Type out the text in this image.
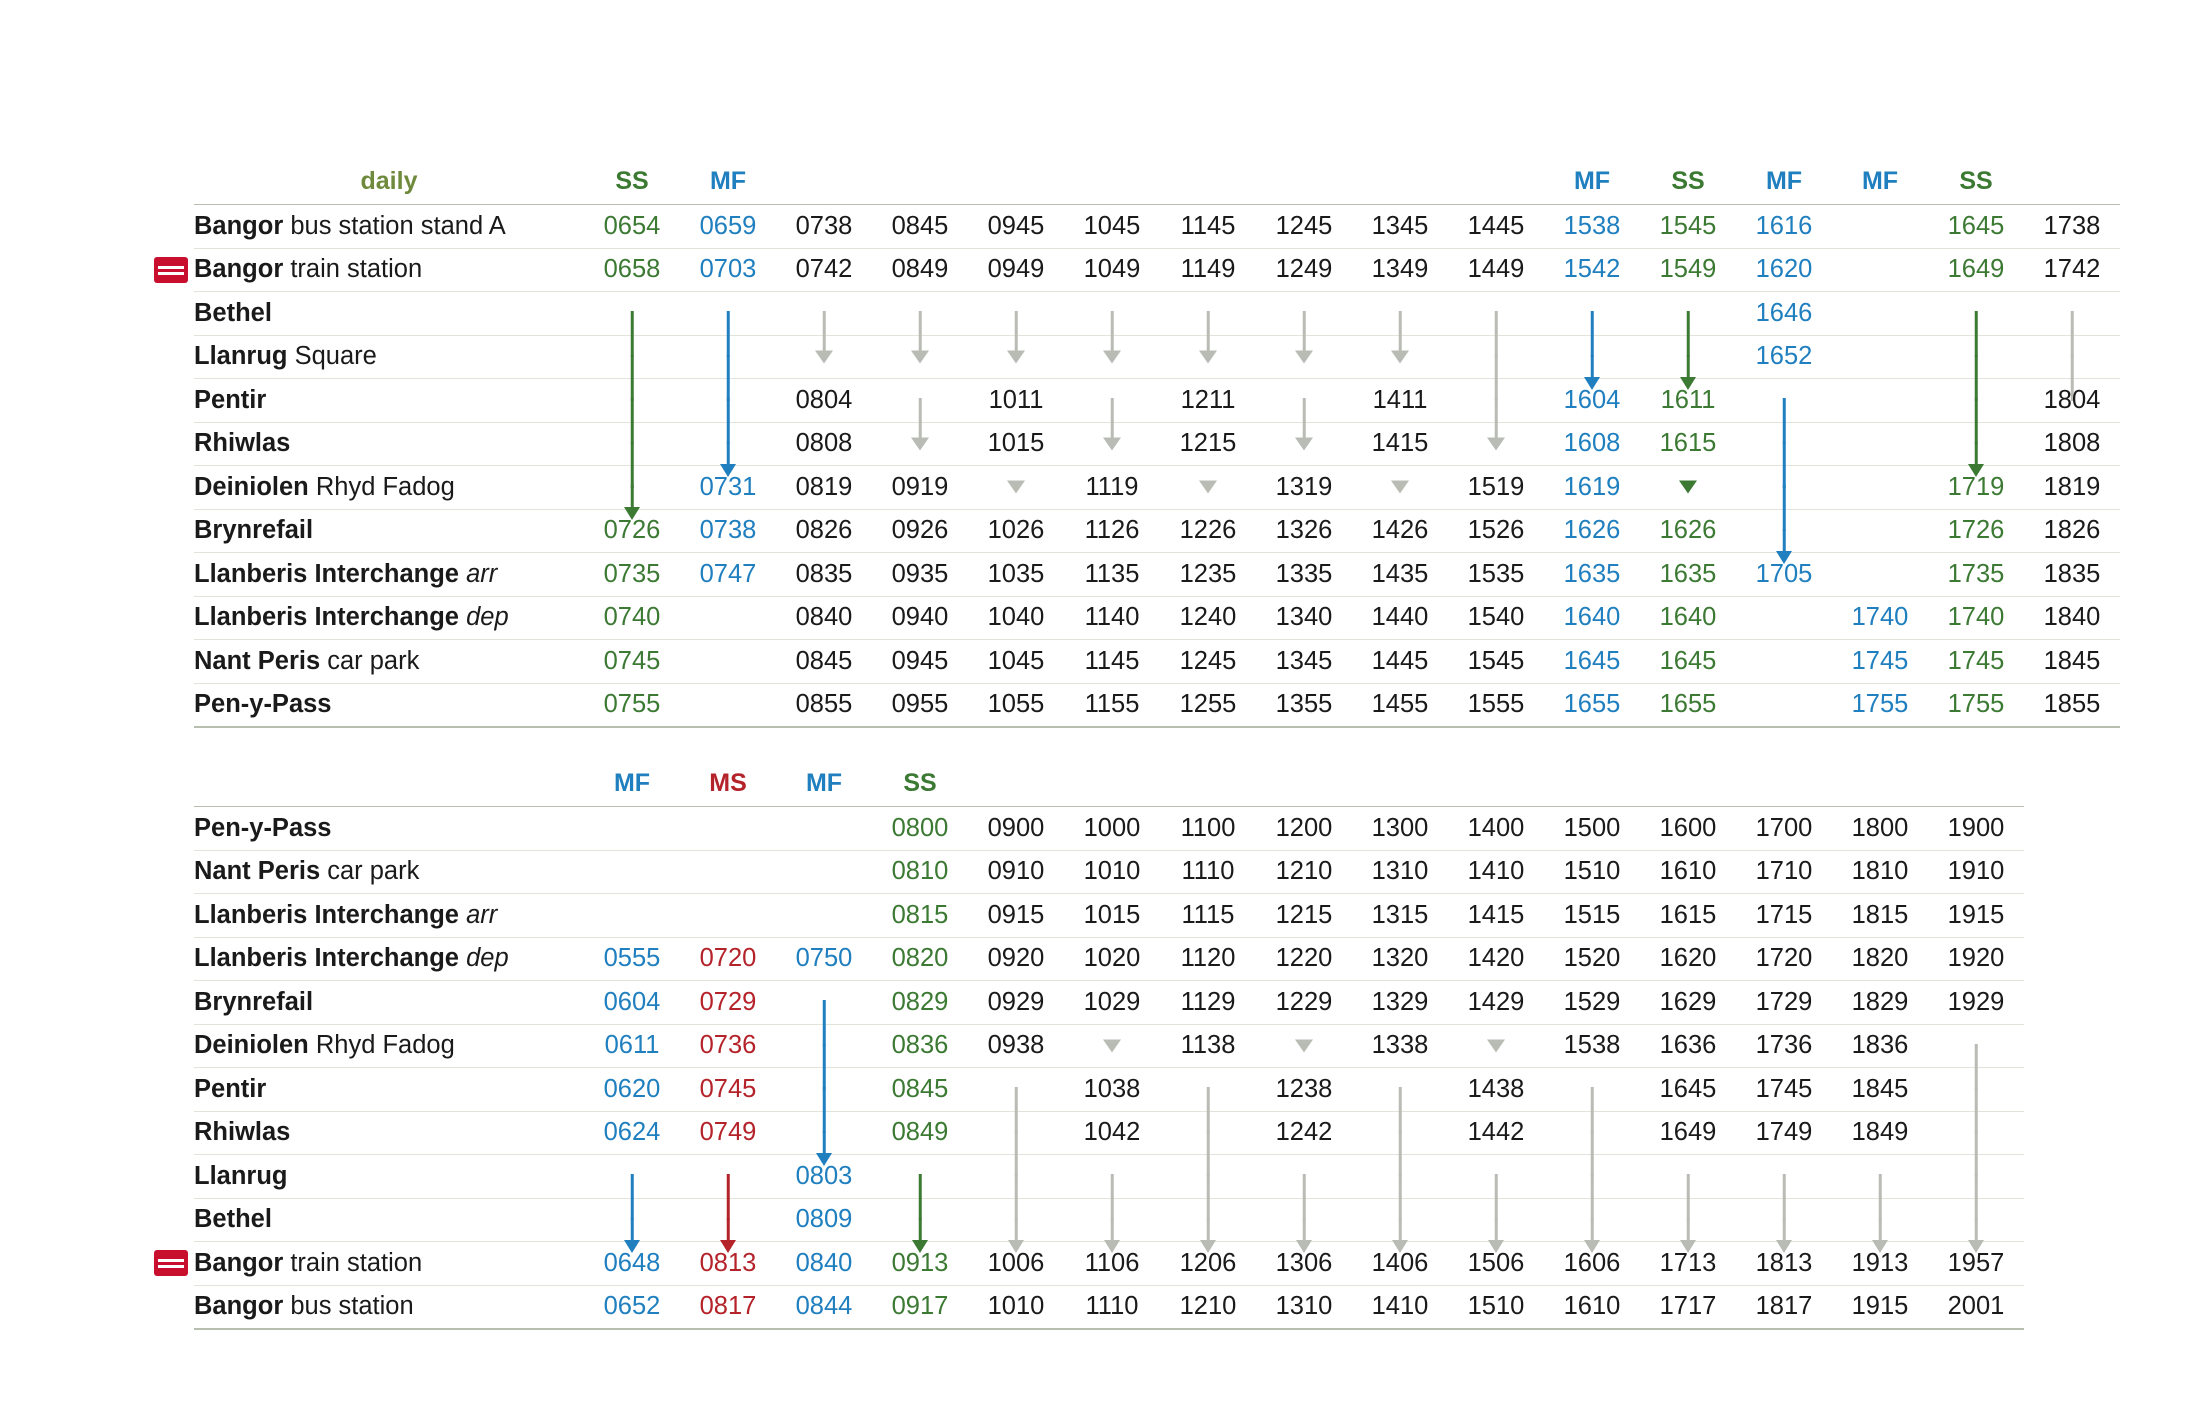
	daily	SS	MF									MF	SS	MF	MF	SS	
	Bangor bus station stand A	0654	0659	0738	0845	0945	1045	1145	1245	1345	1445	1538	1545	1616		1645	1738

	Bangor train station	0658	0703	0742	0849	0949	1049	1149	1249	1349	1449	1542	1549	1620		1649	1742
	Bethel													1646		

	Llanrug Square													1652		

	Pentir			0804		1011		1211		1411		1604	1611				1804
	Rhiwlas			0808		1015		1215		1415		1608	1615				1808
	Deiniolen Rhyd Fadog		0731	0819	0919		1119		1319		1519	1619				1719	1819
	Brynrefail	0726	0738	0826	0926	1026	1126	1226	1326	1426	1526	1626	1626			1726	1826
	Llanberis Interchange arr	0735	0747	0835	0935	1035	1135	1235	1335	1435	1535	1635	1635	1705		1735	1835
	Llanberis Interchange dep	0740		0840	0940	1040	1140	1240	1340	1440	1540	1640	1640		1740	1740	1840
	Nant Peris car park	0745		0845	0945	1045	1145	1245	1345	1445	1545	1645	1645		1745	1745	1845
	Pen-y-Pass	0755		0855	0955	1055	1155	1255	1355	1455	1555	1655	1655		1755	1755	1855
		MF	MS	MF	SS											
	Pen-y-Pass				0800	0900	1000	1100	1200	1300	1400	1500	1600	1700	1800	1900
	Nant Peris car park				0810	0910	1010	1110	1210	1310	1410	1510	1610	1710	1810	1910
	Llanberis Interchange arr				0815	0915	1015	1115	1215	1315	1415	1515	1615	1715	1815	1915
	Llanberis Interchange dep	0555	0720	0750	0820	0920	1020	1120	1220	1320	1420	1520	1620	1720	1820	1920
	Brynrefail	0604	0729		0829	0929	1029	1129	1229	1329	1429	1529	1629	1729	1829	1929
	Deiniolen Rhyd Fadog	0611	0736		0836	0938		1138		1338		1538	1636	1736	1836	

	Pentir	0620	0745		0845		1038		1238		1438		1645	1745	1845	

	Rhiwlas	0624	0749		0849		1042		1242		1442		1649	1749	1849	

	Llanrug			0803	

	Bethel			0809	

	Bangor train station	0648	0813	0840	0913	1006	1106	1206	1306	1406	1506	1606	1713	1813	1913	1957
	Bangor bus station	0652	0817	0844	0917	1010	1110	1210	1310	1410	1510	1610	1717	1817	1915	2001
